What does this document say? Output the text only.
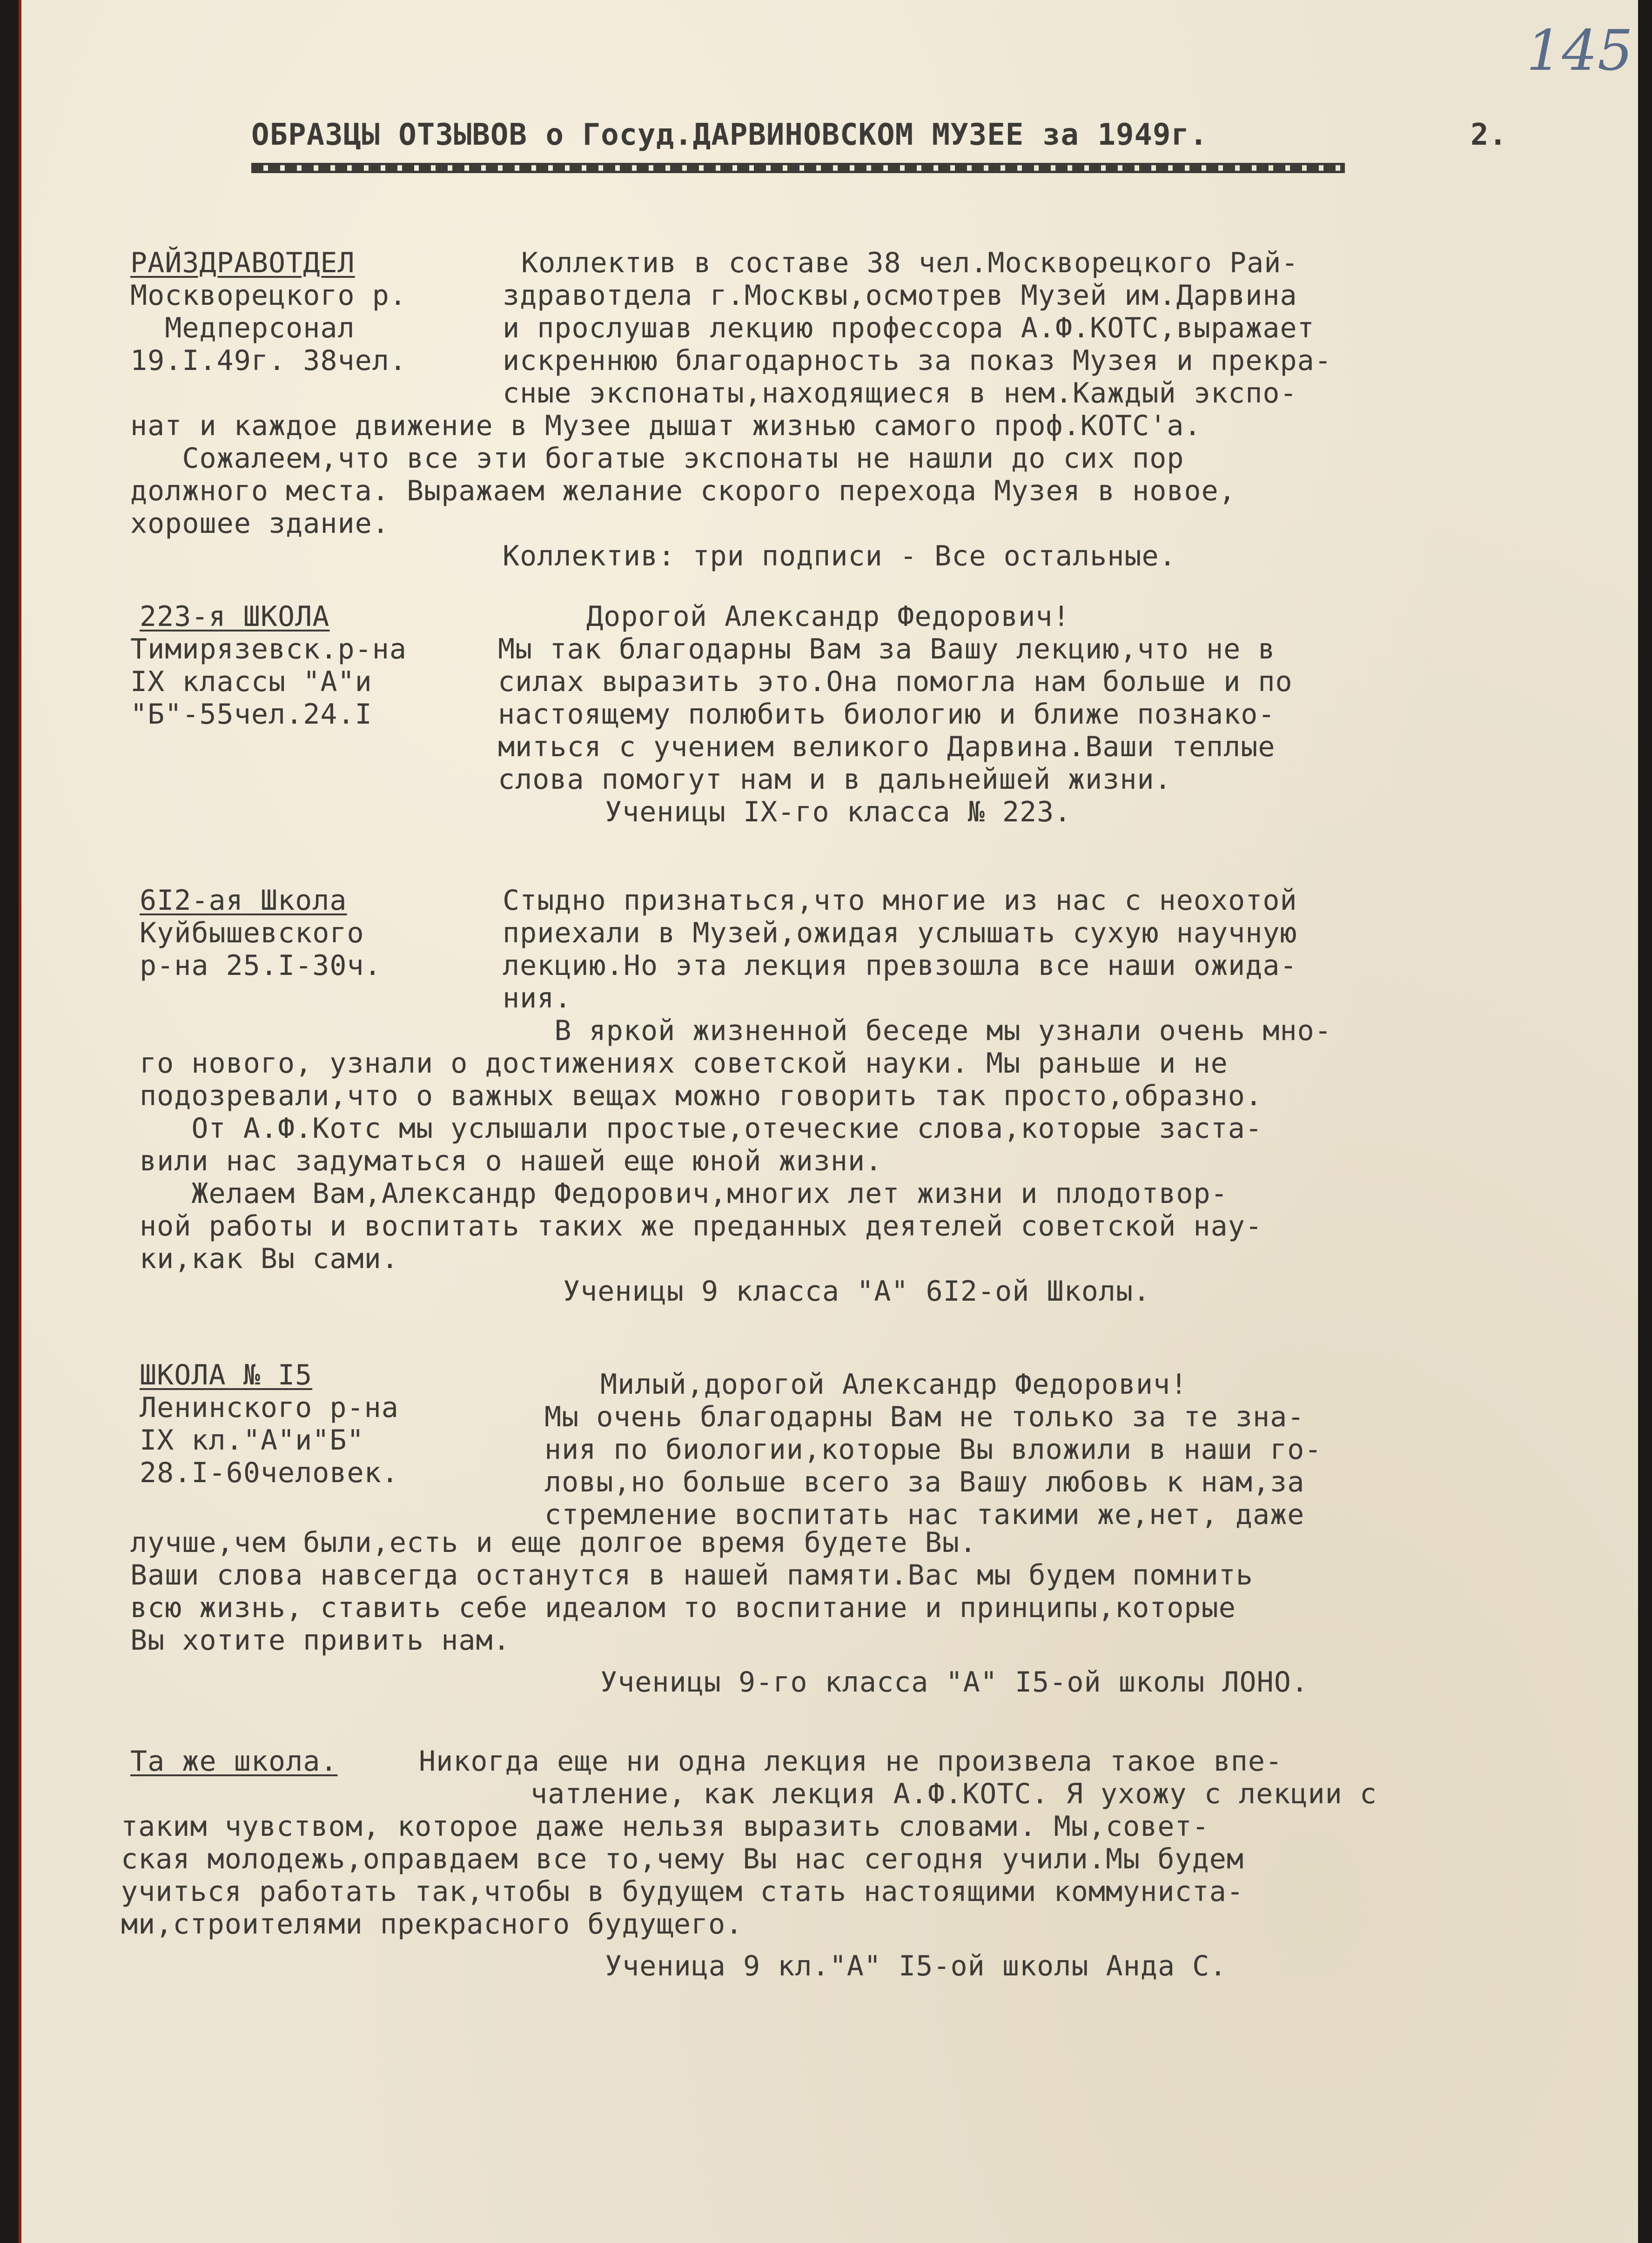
145
ОБРАЗЦЫ ОТЗЫВОВ о Госуд.ДАРВИНОВСКОМ МУЗЕЕ за 1949г.	2.
РАЙЗДРАВОТДЕЛ
Москворецкого р.
Медперсонал
19.I.49г. 38чел.
Коллектив в составе 38 чел.Москворецкого Рай-
здравотдела г.Москвы,осмотрев Музей им.Дарвина
и прослушав лекцию профессора А.Ф.КОТС,выражает
искреннюю благодарность за показ Музея и прекра-
сные экспонаты,находящиеся в нем.Каждый экспо-
нат и каждое движение в Музее дышат жизнью самого проф.КОТС'а.
Сожалеем,что все эти богатые экспонаты не нашли до сих пор
должного места. Выражаем желание скорого перехода Музея в новое,
хорошее здание.
Коллектив: три подписи - Все остальные.
223-я ШКОЛА
Тимирязевск.р-на
IX классы "А"и
"Б"-55чел.24.I
Дорогой Александр Федорович!
Мы так благодарны Вам за Вашу лекцию,что не в
силах выразить это.Она помогла нам больше и по
настоящему полюбить биологию и ближе познако-
миться с учением великого Дарвина.Ваши теплые
слова помогут нам и в дальнейшей жизни.
Ученицы IX-го класса № 223.
6I2-ая Школа
Куйбышевского
р-на 25.I-30ч.
Стыдно признаться,что многие из нас с неохотой
приехали в Музей,ожидая услышать сухую научную
лекцию.Но эта лекция превзошла все наши ожида-
ния.
В яркой жизненной беседе мы узнали очень мно-
го нового, узнали о достижениях советской науки. Мы раньше и не
подозревали,что о важных вещах можно говорить так просто,образно.
От А.Ф.Котс мы услышали простые,отеческие слова,которые заста-
вили нас задуматься о нашей еще юной жизни.
Желаем Вам,Александр Федорович,многих лет жизни и плодотвор-
ной работы и воспитать таких же преданных деятелей советской нау-
ки,как Вы сами.
Ученицы 9 класса "А" 6I2-ой Школы.
ШКОЛА № I5
Ленинского р-на
IX кл."А"и"Б"
28.I-60человек.
Милый,дорогой Александр Федорович!
Мы очень благодарны Вам не только за те зна-
ния по биологии,которые Вы вложили в наши го-
ловы,но больше всего за Вашу любовь к нам,за
стремление воспитать нас такими же,нет, даже
лучше,чем были,есть и еще долгое время будете Вы.
Ваши слова навсегда останутся в нашей памяти.Вас мы будем помнить
всю жизнь, ставить себе идеалом то воспитание и принципы,которые
Вы хотите привить нам.
Ученицы 9-го класса "А" I5-ой школы ЛОНО.
Та же школа.	Никогда еще ни одна лекция не произвела такое впе-
чатление, как лекция А.Ф.КОТС. Я ухожу с лекции с
таким чувством, которое даже нельзя выразить словами. Мы,совет-
ская молодежь,оправдаем все то,чему Вы нас сегодня учили.Мы будем
учиться работать так,чтобы в будущем стать настоящими коммуниста-
ми,строителями прекрасного будущего.
Ученица 9 кл."А" I5-ой школы Анда С.
